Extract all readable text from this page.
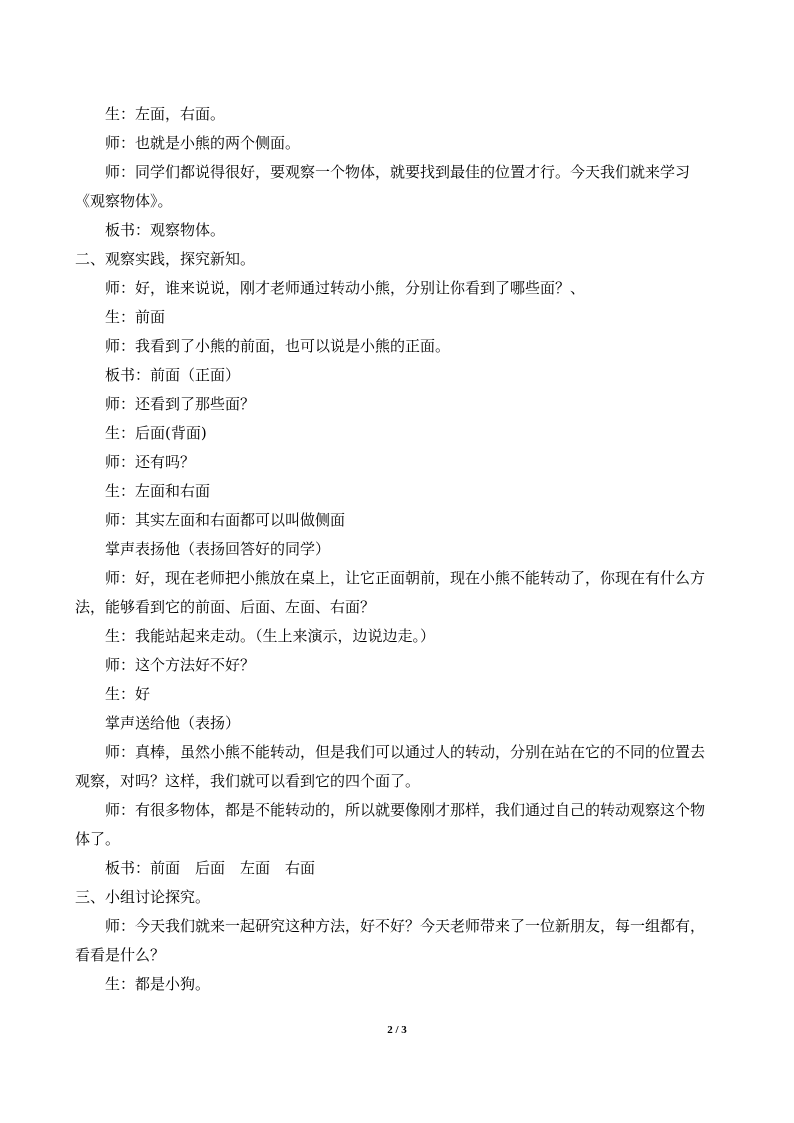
生：左面，右面。

师：也就是小熊的两个侧面。

师：同学们都说得很好，要观察一个物体，就要找到最佳的位置才行。今天我们就来学习《观察物体》。

板书：观察物体。

二、观察实践，探究新知。

师：好，谁来说说，刚才老师通过转动小熊，分别让你看到了哪些面？、

生：前面

师：我看到了小熊的前面，也可以说是小熊的正面。

板书：前面（正面）

师：还看到了那些面？

生：后面(背面)

师：还有吗？

生：左面和右面

师：其实左面和右面都可以叫做侧面

掌声表扬他（表扬回答好的同学）

师：好，现在老师把小熊放在桌上，让它正面朝前，现在小熊不能转动了，你现在有什么方法，能够看到它的前面、后面、左面、右面？

生：我能站起来走动。（生上来演示，边说边走。）

师：这个方法好不好？

生：好

掌声送给他（表扬）

师：真棒，虽然小熊不能转动，但是我们可以通过人的转动，分别在站在它的不同的位置去观察，对吗？这样，我们就可以看到它的四个面了。

师：有很多物体，都是不能转动的，所以就要像刚才那样，我们通过自己的转动观察这个物体了。

板书：前面　后面　左面　右面

三、小组讨论探究。

师：今天我们就来一起研究这种方法，好不好？今天老师带来了一位新朋友，每一组都有，看看是什么？

生：都是小狗。

2 / 3
